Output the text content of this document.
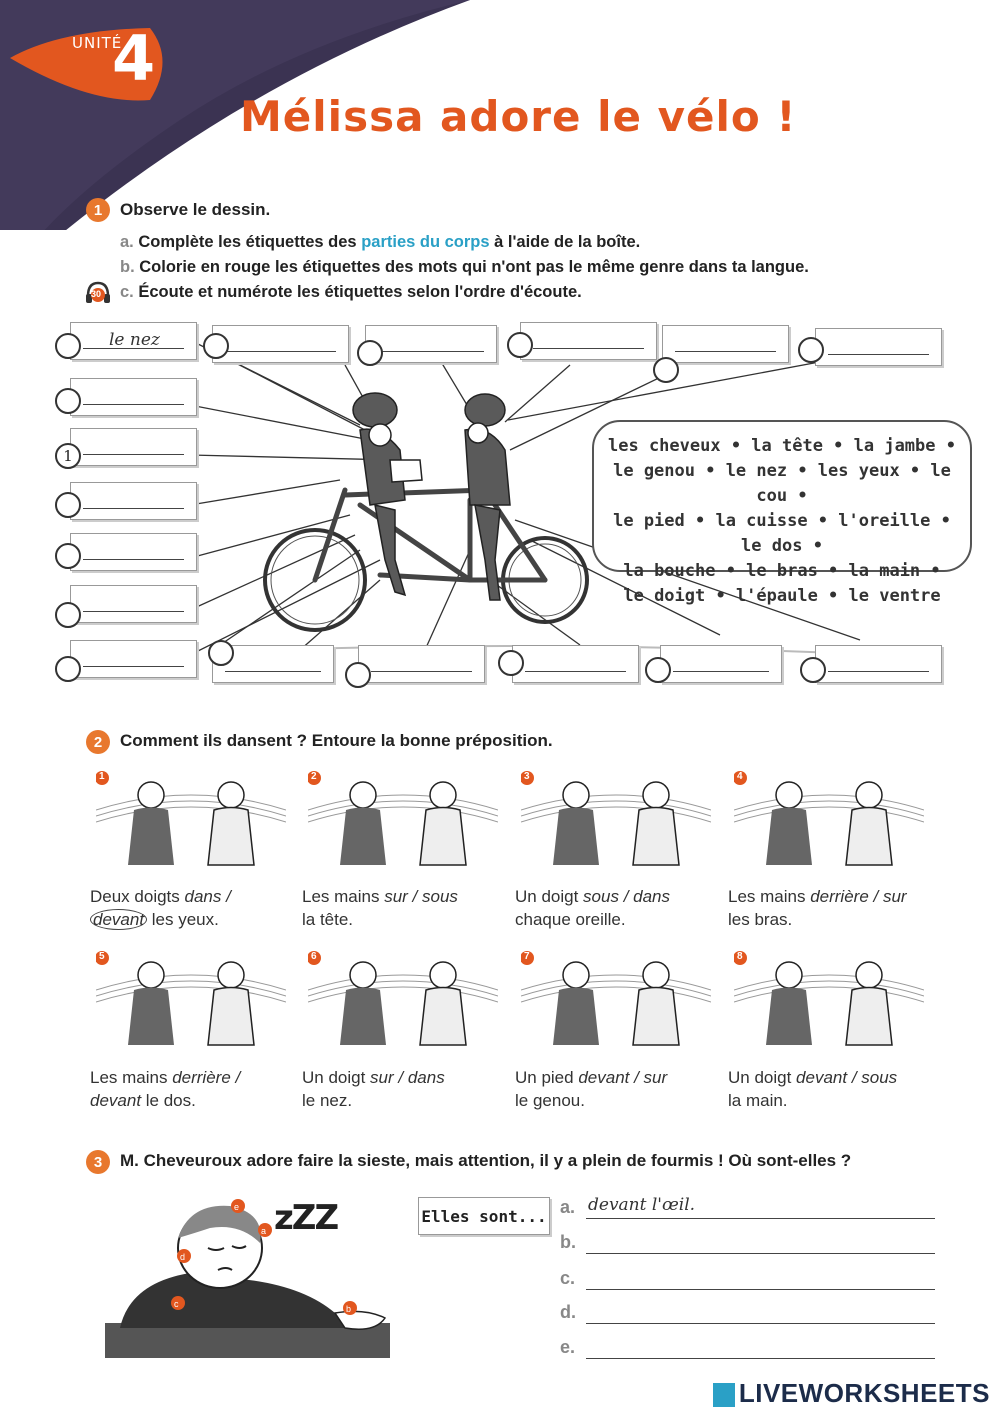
UNITÉ
4
Mélissa adore le vélo !
1	Observe le dessin.
a. Complète les étiquettes des parties du corps à l'aide de la boîte.
b. Colorie en rouge les étiquettes des mots qui n'ont pas le même genre dans ta langue.
30 c. Écoute et numérote les étiquettes selon l'ordre d'écoute.
le nez
1	les cheveux • la tête • la jambe •
le genou • le nez • les yeux • le cou •
le pied • la cuisse • l'oreille • le dos •
la bouche • le bras • la main •
le doigt • l'épaule • le ventre
2	Comment ils dansent ? Entoure la bonne préposition.
1
Deux doigts dans /
devant les yeux.
2
Les mains sur / sous
la tête.
3
Un doigt sous / dans
chaque oreille.
4
Les mains derrière / sur
les bras.
5
Les mains derrière /
devant le dos.
6
Un doigt sur / dans
le nez.
7
Un pied devant / sur
le genou.
8
Un doigt devant / sous
la main.
3	M. Cheveuroux adore faire la sieste, mais attention, il y a plein de fourmis ! Où sont-elles ?
e
a
d
c	b
zZZ	Elles sont... a. devant l'œil.
b.
c.
d.
e.
LIVEWORKSHEETS
